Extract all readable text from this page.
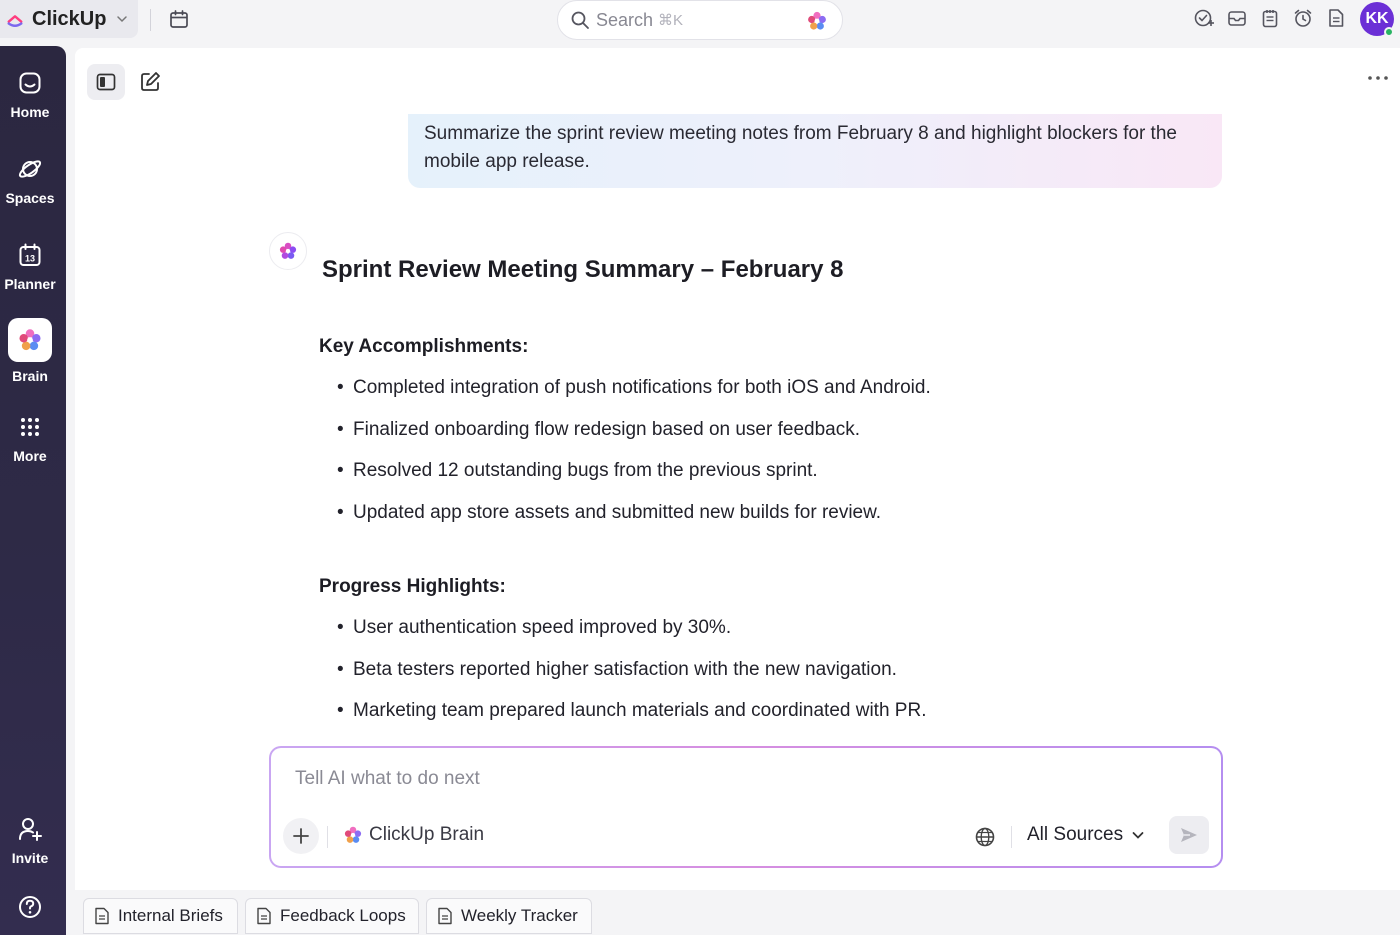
ClickUp	Search ⌘K	KK
Home
Spaces
13
Planner
Brain
More
Invite
Summarize the sprint review meeting notes from February 8 and highlight blockers for the mobile app release.
Sprint Review Meeting Summary – February 8
Key Accomplishments:
• Completed integration of push notifications for both iOS and Android.
• Finalized onboarding flow redesign based on user feedback.
• Resolved 12 outstanding bugs from the previous sprint.
• Updated app store assets and submitted new builds for review.
Progress Highlights:
• User authentication speed improved by 30%.
• Beta testers reported higher satisfaction with the new navigation.
• Marketing team prepared launch materials and coordinated with PR.
Tell AI what to do next
ClickUp Brain	All Sources
Internal Briefs	Feedback Loops	Weekly Tracker
